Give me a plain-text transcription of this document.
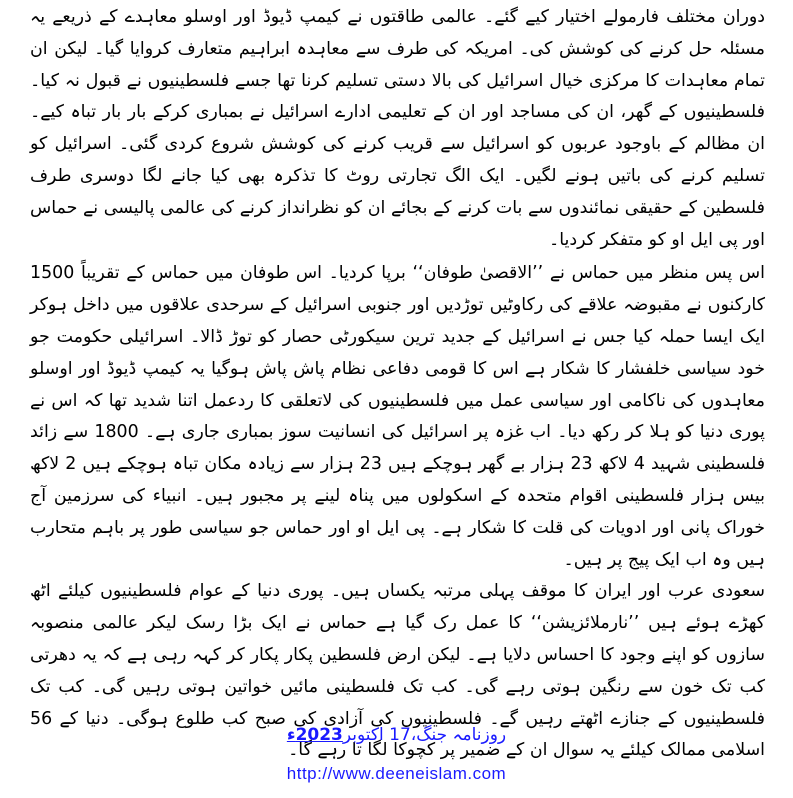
دوران مختلف فارمولے اختیار کیے گئے۔ عالمی طاقتوں نے کیمپ ڈیوڈ اور اوسلو معاہدے کے ذریعے یہ مسئلہ حل کرنے کی کوشش کی۔ امریکہ کی طرف سے معاہدہ ابراہیم متعارف کروایا گیا۔ لیکن ان تمام معاہدات کا مرکزی خیال اسرائیل کی بالا دستی تسلیم کرنا تھا جسے فلسطینیوں نے قبول نہ کیا۔ فلسطینیوں کے گھر، ان کی مساجد اور ان کے تعلیمی ادارے اسرائیل نے بمباری کرکے بار بار تباہ کیے۔ ان مظالم کے باوجود عربوں کو اسرائیل سے قریب کرنے کی کوشش شروع کردی گئی۔ اسرائیل کو تسلیم کرنے کی باتیں ہونے لگیں۔ ایک الگ تجارتی روٹ کا تذکرہ بھی کیا جانے لگا دوسری طرف فلسطین کے حقیقی نمائندوں سے بات کرنے کے بجائے ان کو نظرانداز کرنے کی عالمی پالیسی نے حماس اور پی ایل او کو متفکر کردیا۔

اس پس منظر میں حماس نے ’’الاقصیٰ طوفان‘‘ برپا کردیا۔ اس طوفان میں حماس کے تقریباً 1500 کارکنوں نے مقبوضہ علاقے کی رکاوٹیں توڑدیں اور جنوبی اسرائیل کے سرحدی علاقوں میں داخل ہوکر ایک ایسا حملہ کیا جس نے اسرائیل کے جدید ترین سیکورٹی حصار کو توڑ ڈالا۔ اسرائیلی حکومت جو خود سیاسی خلفشار کا شکار ہے اس کا قومی دفاعی نظام پاش پاش ہوگیا یہ کیمپ ڈیوڈ اور اوسلو معاہدوں کی ناکامی اور سیاسی عمل میں فلسطینیوں کی لاتعلقی کا ردعمل اتنا شدید تھا کہ اس نے پوری دنیا کو ہلا کر رکھ دیا۔ اب غزہ پر اسرائیل کی انسانیت سوز بمباری جاری ہے۔ 1800 سے زائد فلسطینی شہید 4 لاکھ 23 ہزار بے گھر ہوچکے ہیں 23 ہزار سے زیادہ مکان تباہ ہوچکے ہیں 2 لاکھ بیس ہزار فلسطینی اقوام متحدہ کے اسکولوں میں پناہ لینے پر مجبور ہیں۔ انبیاء کی سرزمین آج خوراک پانی اور ادویات کی قلت کا شکار ہے۔ پی ایل او اور حماس جو سیاسی طور پر باہم متحارب ہیں وہ اب ایک پیج پر ہیں۔

سعودی عرب اور ایران کا موقف پہلی مرتبہ یکساں ہیں۔ پوری دنیا کے عوام فلسطینیوں کیلئے اٹھ کھڑے ہوئے ہیں ’’نارملائزیشن‘‘ کا عمل رک گیا ہے حماس نے ایک بڑا رسک لیکر عالمی منصوبہ سازوں کو اپنے وجود کا احساس دلایا ہے۔ لیکن ارض فلسطین پکار پکار کر کہہ رہی ہے کہ یہ دھرتی کب تک خون سے رنگین ہوتی رہے گی۔ کب تک فلسطینی مائیں خواتین ہوتی رہیں گی۔ کب تک فلسطینیوں کے جنازے اٹھتے رہیں گے۔ فلسطینیوں کی آزادی کی صبح کب طلوع ہوگی۔ دنیا کے 56 اسلامی ممالک کیلئے یہ سوال ان کے ضمیر پر کچوکا لگا تا رہے گا۔

روزنامہ جنگ،17 اکتوبر2023ء
http://www.deeneislam.com
